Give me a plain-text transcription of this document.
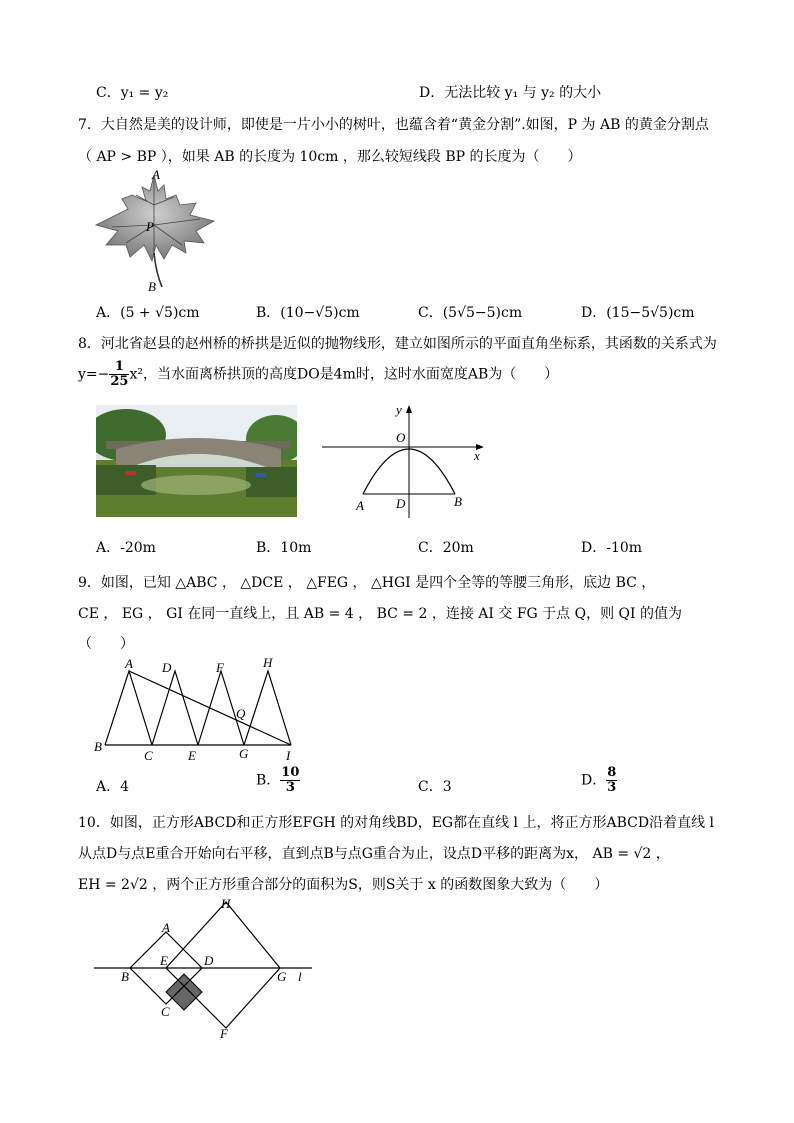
C．y₁ = y₂	D．无法比较 y₁ 与 y₂ 的大小
7．大自然是美的设计师，即使是一片小小的树叶，也蕴含着“黄金分割”.如图，P 为 AB 的黄金分割点
（ AP > BP ），如果 AB 的长度为 10cm ，那么较短线段 BP 的长度为（　　）
A
P
B
A．(5 + √5)cm	B．(10−√5)cm	C．(5√5−5)cm	D．(15−5√5)cm
8．河北省赵县的赵州桥的桥拱是近似的抛物线形，建立如图所示的平面直角坐标系，其函数的关系式为
$y=- \frac{1}{25} x^2$，当水面离桥拱顶的高度DO是4m时，这时水面宽度AB为（　　）
y
O
x
A D	B
A．-20m	B．10m	C．20m	D．-10m
9．如图，已知 △ABC ， △DCE ， △FEG ， △HGI 是四个全等的等腰三角形，底边 BC ，
CE ， EG ， GI 在同一直线上，且 AB = 4 ， BC = 2 ，连接 AI 交 FG 于点 Q，则 QI 的值为
（　　）
A D	F	H
Q
B
C	E	G	I
A．4	B． $\frac{10}{3}$	C．3	D． $\frac{8}{3}$
10．如图，正方形ABCD和正方形EFGH 的对角线BD，EG都在直线 l 上，将正方形ABCD沿着直线 l
从点D与点E重合开始向右平移，直到点B与点G重合为止，设点D平移的距离为x， AB = √2 ，
EH = 2√2 ，两个正方形重合部分的面积为S，则S关于 x 的函数图象大致为（　　）
H
A
E	D
B	G l
C
F
